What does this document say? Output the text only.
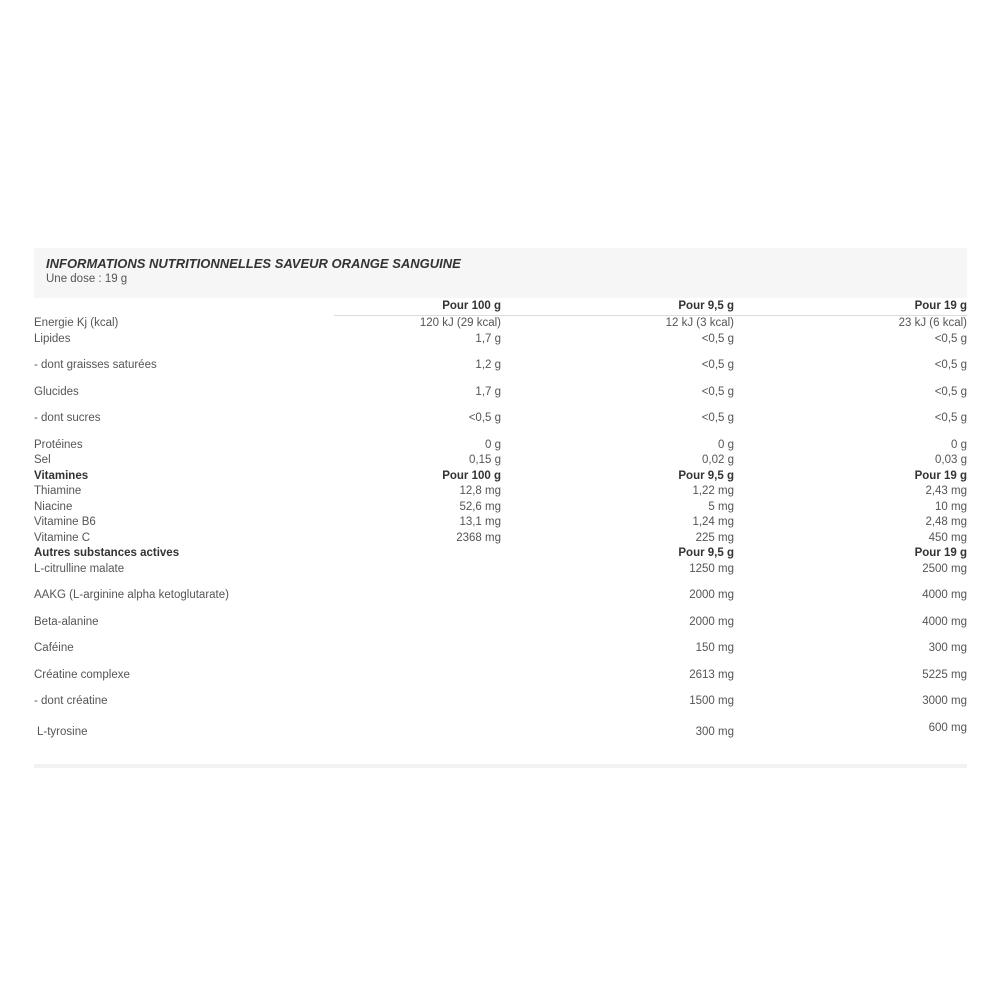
INFORMATIONS NUTRITIONNELLES SAVEUR ORANGE SANGUINE
Une dose : 19 g
	Pour 100 g	Pour 9,5 g	Pour 19 g
Energie Kj (kcal)	120 kJ (29 kcal)	12 kJ (3 kcal)	23 kJ (6 kcal)
Lipides	1,7 g	<0,5 g	<0,5 g
- dont graisses saturées	1,2 g	<0,5 g	<0,5 g
Glucides	1,7 g	<0,5 g	<0,5 g
- dont sucres	<0,5 g	<0,5 g	<0,5 g
Protéines	0 g	0 g	0 g
Sel	0,15 g	0,02 g	0,03 g
Vitamines	Pour 100 g	Pour 9,5 g	Pour 19 g
Thiamine	12,8 mg	1,22 mg	2,43 mg
Niacine	52,6 mg	5 mg	10 mg
Vitamine B6	13,1 mg	1,24 mg	2,48 mg
Vitamine C	2368 mg	225 mg	450 mg
Autres substances actives		Pour 9,5 g	Pour 19 g
L-citrulline malate		1250 mg	2500 mg
AAKG (L-arginine alpha ketoglutarate)		2000 mg	4000 mg
Beta-alanine		2000 mg	4000 mg
Caféine		150 mg	300 mg
Créatine complexe		2613 mg	5225 mg
- dont créatine		1500 mg	3000 mg
L-tyrosine		300 mg	600 mg
